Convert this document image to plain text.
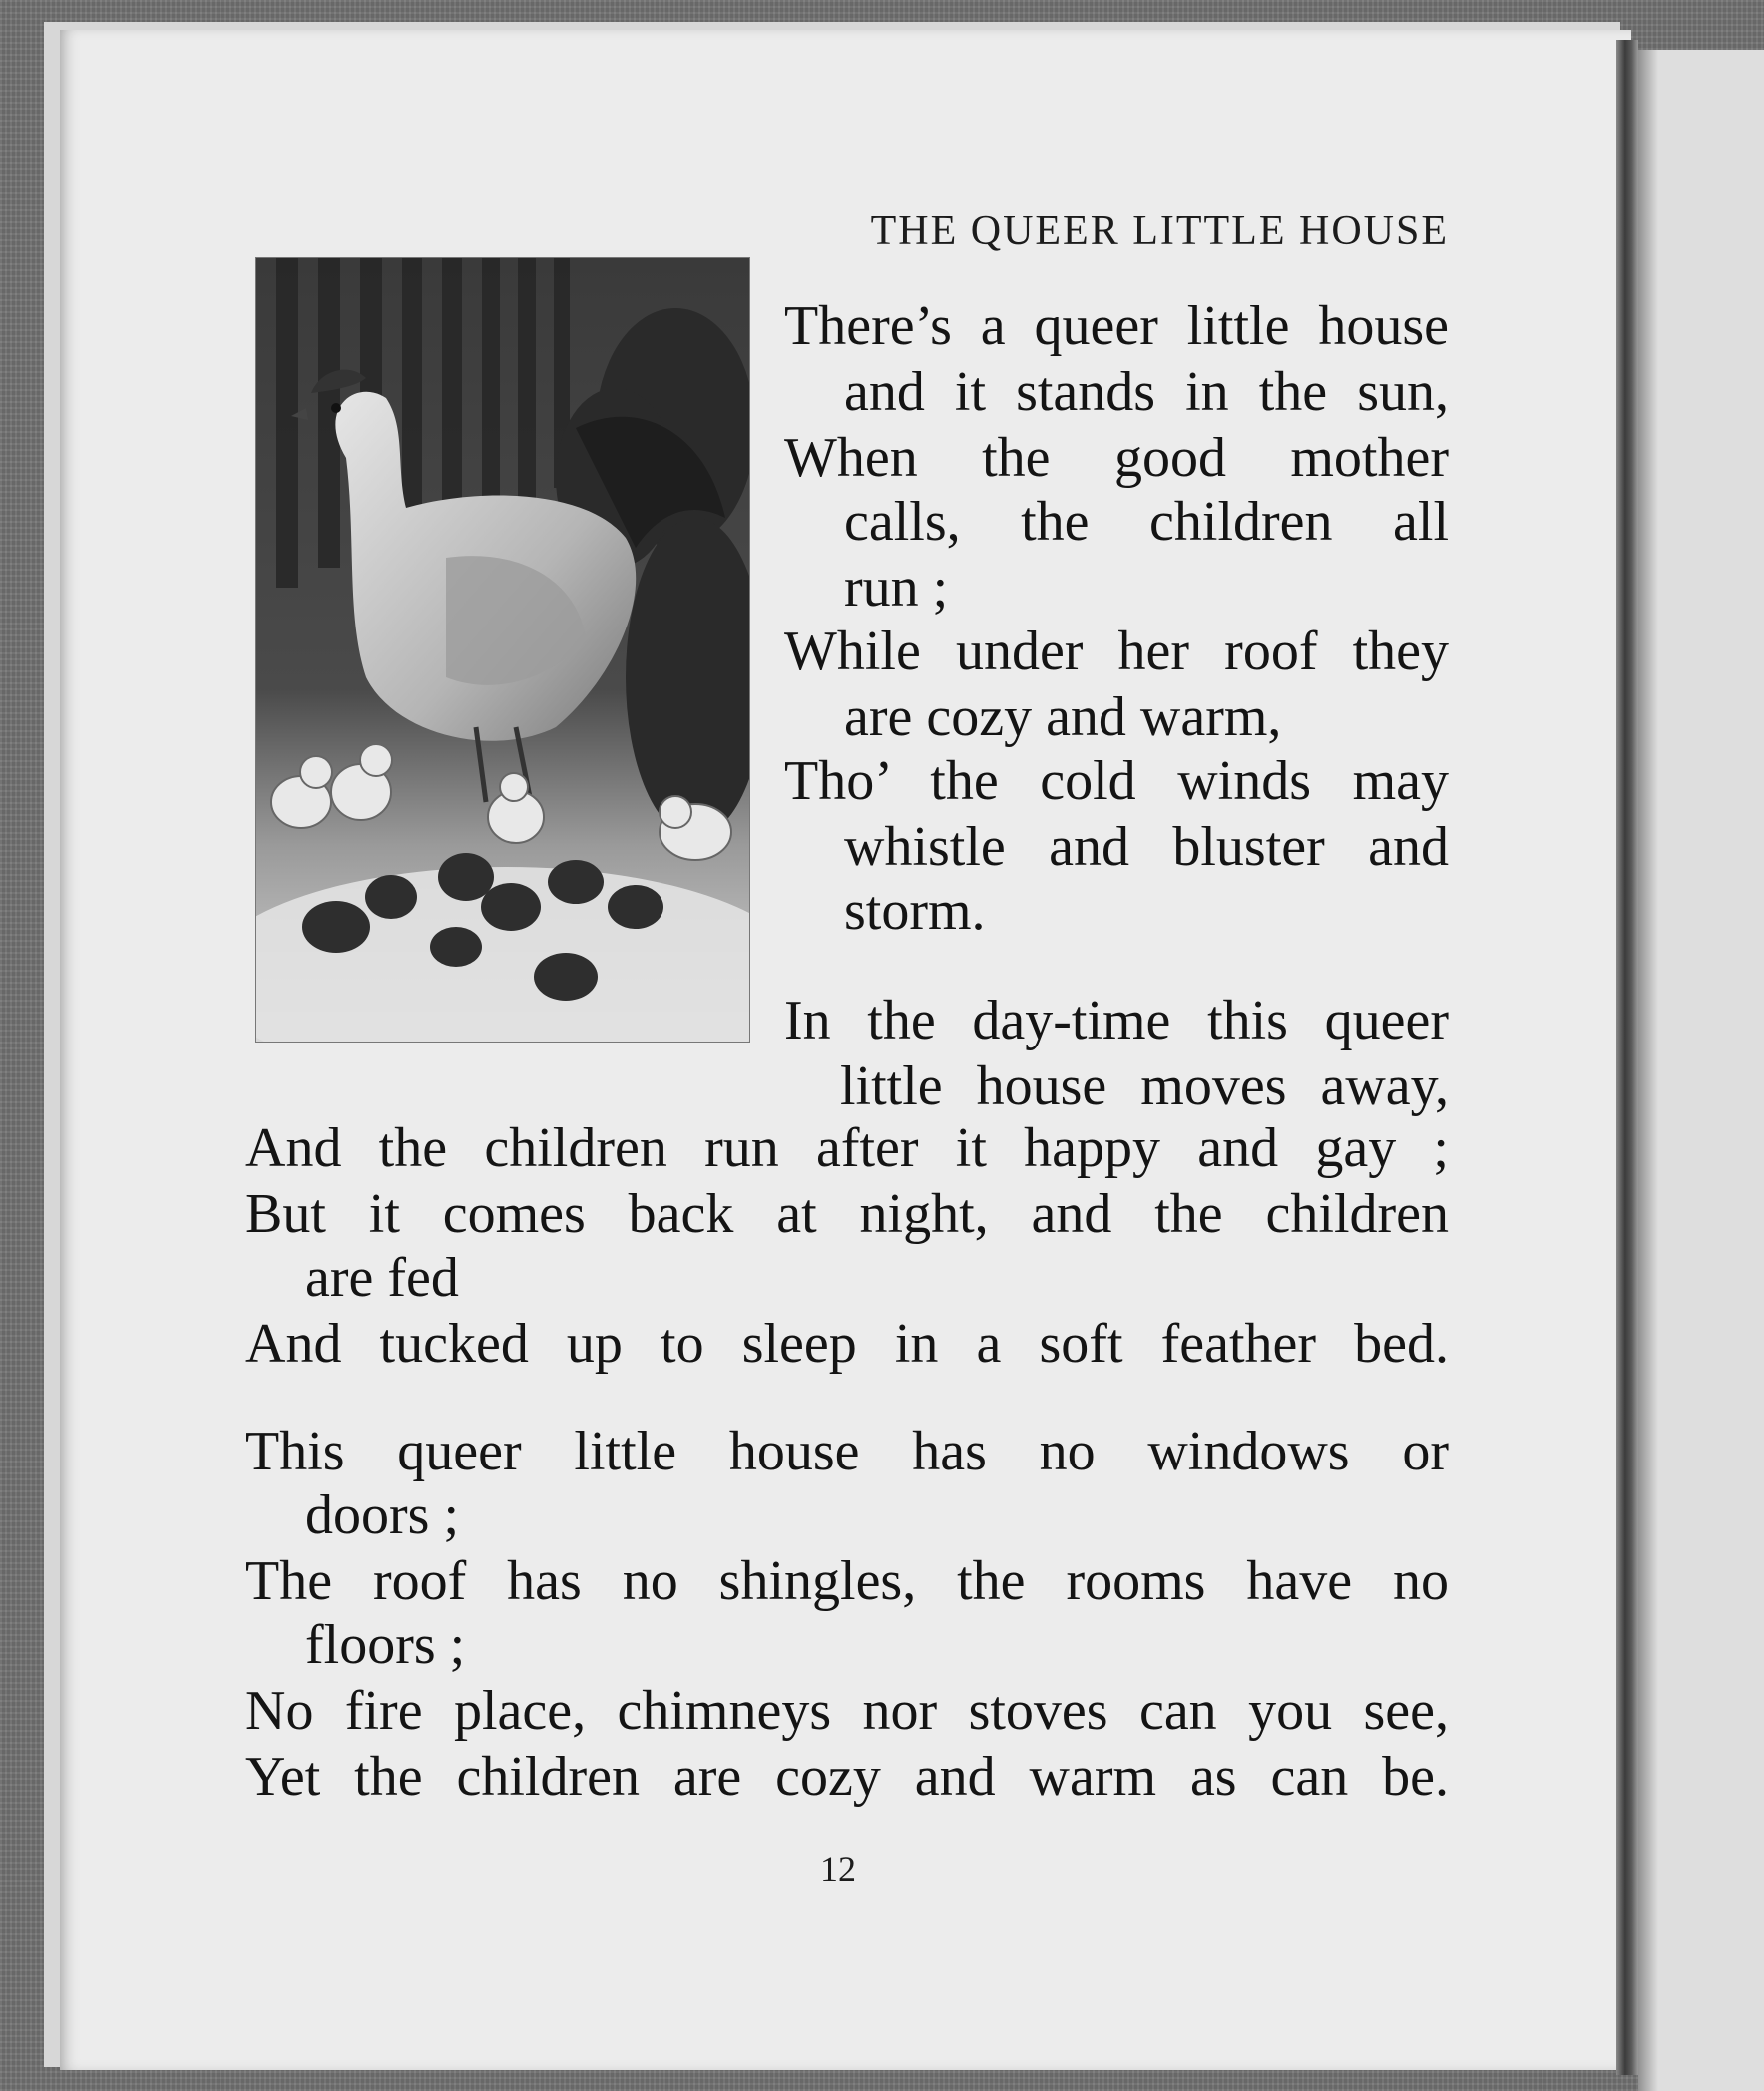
THE QUEER LITTLE HOUSE
There’s a queer little house
and it stands in the sun,
When the good mother
calls, the children all
run ;
While under her roof they
are cozy and warm,
Tho’ the cold winds may
whistle and bluster and
storm.
In the day-time this queer
little house moves away,
And the children run after it happy and gay ;
But it comes back at night, and the children
are fed
And tucked up to sleep in a soft feather bed.
This queer little house has no windows or
doors ;
The roof has no shingles, the rooms have no
floors ;
No fire place, chimneys nor stoves can you see,
Yet the children are cozy and warm as can be.
12
